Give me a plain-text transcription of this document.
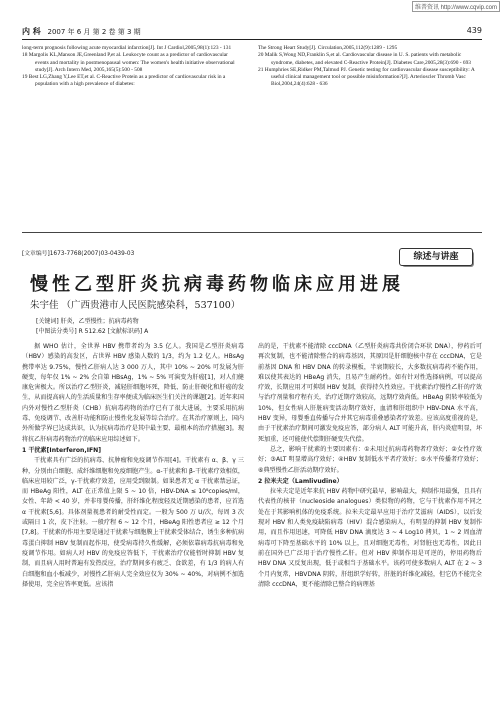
维普资讯 http://www.cqvip.com
内 科 2007 年 6 月 第 2 卷 第 3 期	439

long-term prognosis following acute myocardial infarction[J]. Int J Cardiol,2005,98(1):123 - 131

18 Margolis KL,Manson JE,Greenland P,et al. Leukocyte count as a predictor of cardiovascular events and mortality in postmenopausal women: The women's health initiative observational study[J]. Arch Intern Med, 2005,165(5):500 - 508

19 Best LG,Zhang Y,Lee ET,et al. C-Reactive Protein as a predictor of cardiovascular risk in a population with a high prevalence of diabetes:

The Strong Heart Study[J]. Circulation,2005,112(9):1289 - 1295

20 Malik S,Wong ND,Franklin S,et al. Cardiovascular disease in U. S. patients with metabolic syndrome, diabetes, and elevated C-Reactive Protein[J]. Diabetes Care,2005,28(3):690 - 693

21 Humphries SE,Ridker PM,Talmud PJ. Genetic testing for cardiovascular disease susceptibility: A useful clinical management tool or possible misinformation?[J]. Arterioscler Thromb Vasc Biol,2004,24(4):628 - 636

[文章编号]1673-7768(2007)03-0439-03	综述与讲座
慢性乙型肝炎抗病毒药物临床应用进展
朱宇佳 （广西贵港市人民医院感染科，537100）
[关键词] 肝炎，乙型慢性；抗病毒药物
[中图法分类号] R 512.62 [文献标识码] A

据 WHO 估计，全世界 HBV 携带者约为 3.5 亿人。我国是乙型肝炎病毒（HBV）感染的高发区，占世界 HBV 感染人数的 1/3，约为 1.2 亿人。HBsAg 携带率达 9.75%，慢性乙肝病人达 3 000 万人，其中 10% ~ 20% 可发展为肝硬变，每年仅 1% ~ 2% 会自第 HBsAg，1% ~ 5% 可演变为肝癌[1]，对人们健康危害极大。所以治疗乙型肝炎，减轻肝细胞坏死，降低、防止肝硬化和肝癌的发生，从而提高病人的生活质量和生存率便成为临床医生们关注的课题[2]。近年来国内外对慢性乙型肝炎（CHB）抗病毒药物的治疗已有了很大进展，主要采用抗病毒、免疫调节、改善肝功能和防止慢性化发展等综合治疗。在其治疗原则上，国内外所做学界已达成共识，认为抗病毒治疗是其中最主要、最根本的治疗措施[3]。现将抗乙肝病毒药物治疗的临床应用综述如下。

1 干扰素[Interferon,IFN]

干扰素具有广泛的抗病毒、抗肿瘤和免疫调节作用[4]。干扰素有 α、β、γ 三种，分别由白细胞、成纤维细胞和免疫细胞产生。α-干扰素和 β-干扰素疗效相似，临床应用较广泛，γ-干扰素疗效差，应用受到限制。如果患者无 α 干扰素禁忌证，而 HBeAg 阳性，ALT 在正常值上限 5 ~ 10 倍，HBV-DNA ≤ 10⁸copies/ml，女性、年龄 < 40 岁，并非母婴传播，肝纤维化程度轻及近期感染的患者，应首选 α 干扰素[5,6]。具体剂量视患者的耐受性而定。一般为 500 万 U/次，每周 3 次或隔日 1 次，皮下注射。一般疗程 6 ~ 12 个月，HBeAg 阳性患者应 ≥ 12 个月[7,8]。干扰素的作用主要是通过干扰素与细胞膜上干扰素受体结合，诱生多种抗病毒蛋白抑制 HBV 复制而起作用，使受病毒持久性缓解，必须依靠病毒抗病毒和免疫调节作用。如病人对 HBV 的免疫应答低下，干扰素治疗仅能暂时抑制 HBV 复制，而且病人用时普遍有发热反应，治疗期间多有疲乏、食欲差，有 1/3 的病人有白细胞和血小板减少，对慢性乙肝病人完全效应仅为 30% ~ 40%，对病例不加选择使用，完全应答率更低。应该指

出的是，干扰素不能清除 cccDNA（乙型肝炎病毒共价闭合环状 DNA），停药后可再次复制，也不能清除整合的病毒基因，其原因是肝细胞核中存在 cccDNA，它是前基因 DNA 和 HBV DNA 的转录模板，半衰期较长，大多数抗病毒药不能作用，难以使其表达的 HBeAg 消失，且易产生耐药性。如有针对性选择病例，可以提高疗效，长期应用才可抑制 HBV 复制，获得持久性效应。干扰素治疗慢性乙肝的疗效与治疗剂量和疗程有关，治疗近期疗效较高，远期疗效尚低。HBeAg 阴转率较低为 10%，但女性病人肝脏病变活动期疗效好，血清和肝组织中 HBV-DNA 水平高，HBV 变异，母婴垂直传播与合并其它病毒重叠感染者疗效差。应该高度重视的是，由于干扰素治疗期间可激发免疫应答，部分病人 ALT 可能升高，肝内炎症明显，坏死加重，还可能使代偿期肝硬变失代偿。

总之，影响干扰素的主要因素有：①未用过抗病毒药物者疗效好；②女性疗效好；③ALT 明显增高疗效好；④HBV 复制低水平者疗效好；⑤水平传播者疗效好；⑥典型慢性乙肝活动期疗效好。

2 拉米夫定（Lamlivudine）

拉米夫定是近年来抗 HBV 药物中研究最早，影响最大，抑制作用最强，且具有代表性的核苷（nucleoside analogues）类似物的药物，它与干扰素作用不同之处在于其影响机体的免疫系统。拉米夫定最早应用于治疗艾滋病（AIDS），以后发现对 HBV 和人类免疫缺陷病毒（HIV）混合感染病人，有明显的抑制 HBV 复制作用，而且作用迅速，可降低 HBV DNA 滴度达 3 ~ 4 Log10 拷贝，1 ~ 2 周血清病毒可下降至基础水平的 10% 以上，且对细胞无毒性，对肾脏也无毒性，因此日前在国外已广泛用于治疗慢性乙肝。但对 HBV 抑制作用是可逆的，停用药物后 HBV DNA 又反复出现，低于或相当于基础水平。该药可使多数病人 ALT 在 2 ~ 3 个月内复常，HBVDNA 阴转，肝组织学好转，肝脏的纤维化减轻，但它仍不能完全清除 cccDNA，更不能清除已整合的病理基
